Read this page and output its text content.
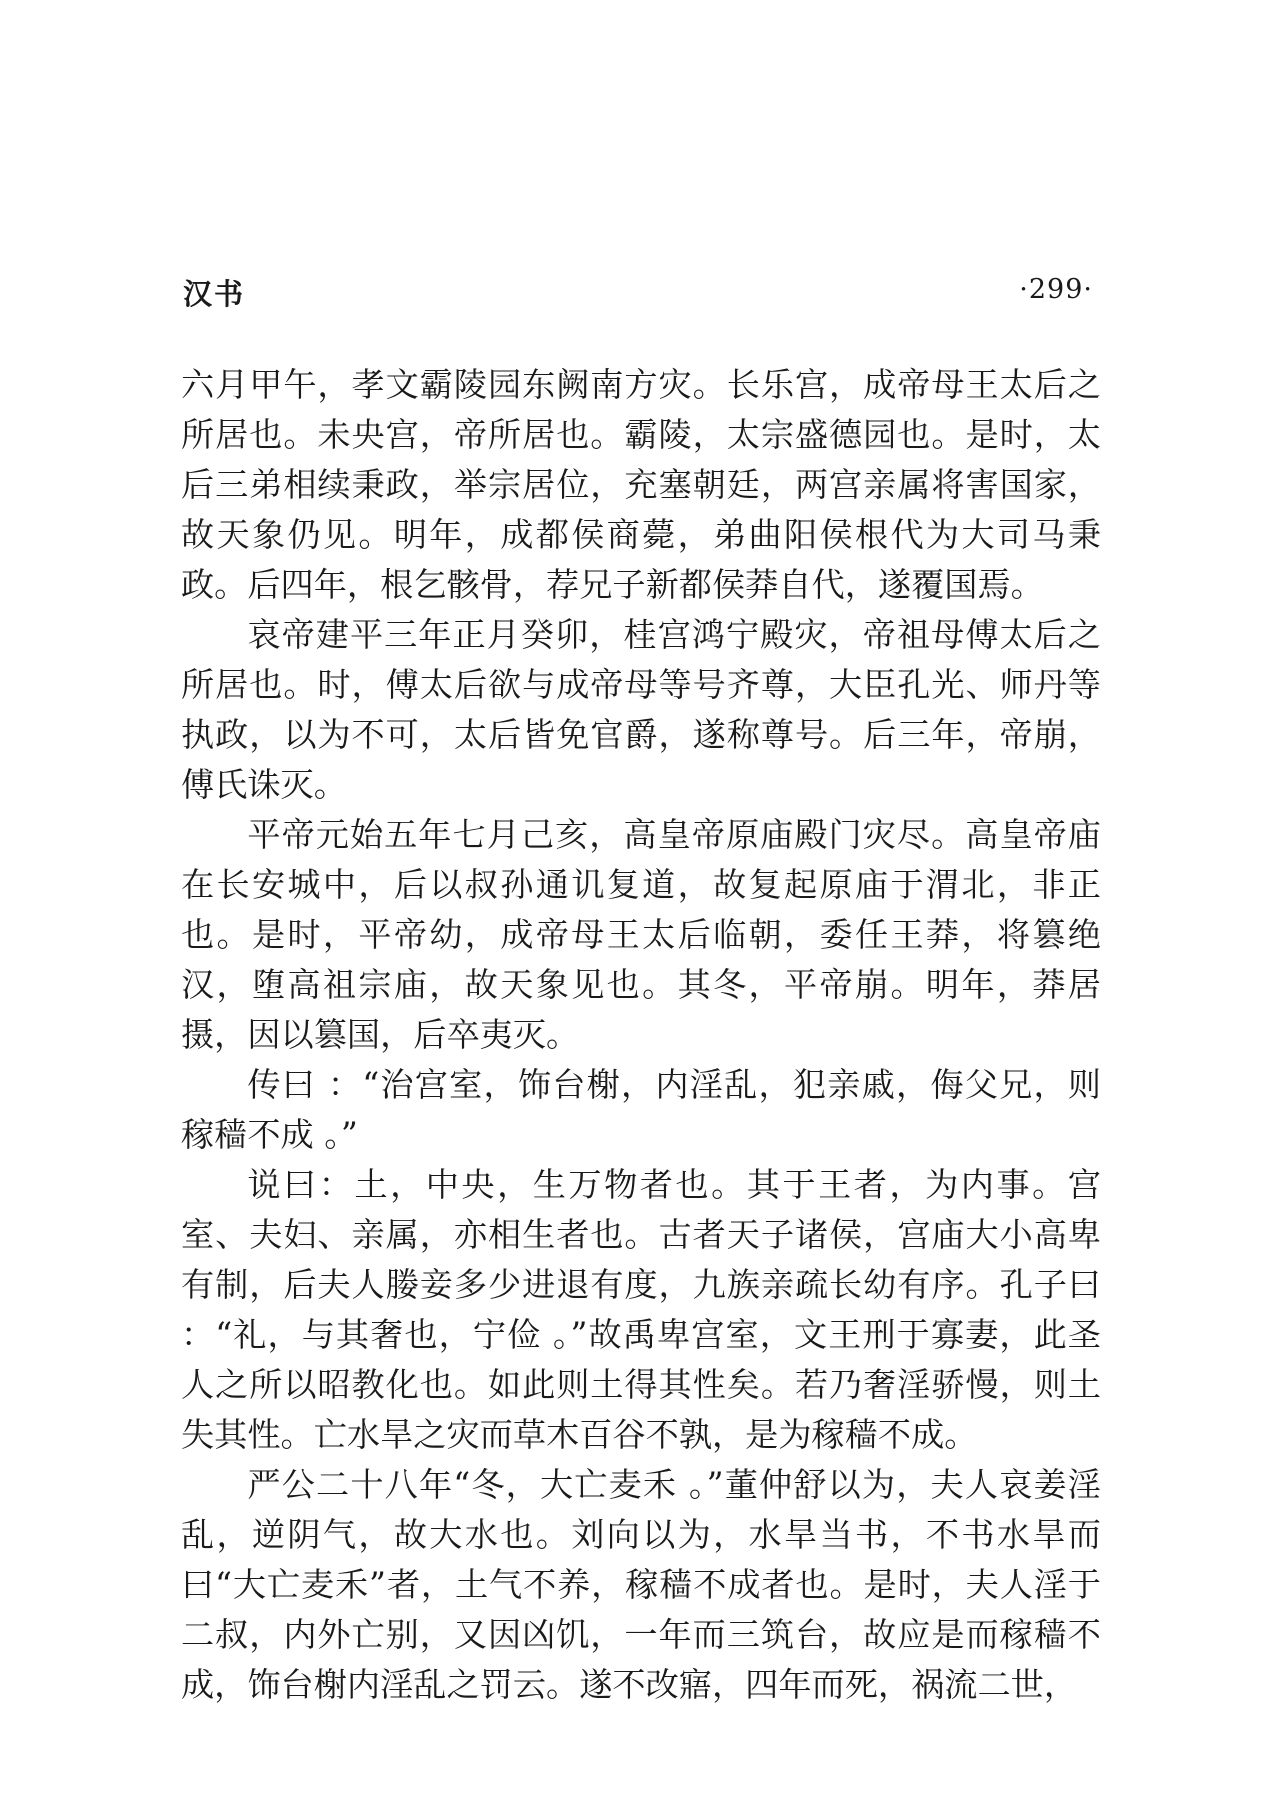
汉书	·299·

六月甲午，孝文霸陵园东阙南方灾。长乐宫，成帝母王太后之所居也。未央宫，帝所居也。霸陵，太宗盛德园也。是时，太后三弟相续秉政，举宗居位，充塞朝廷，两宫亲属将害国家，故天象仍见。明年，成都侯商薨，弟曲阳侯根代为大司马秉政。后四年，根乞骸骨，荐兄子新都侯莽自代，遂覆国焉。

哀帝建平三年正月癸卯，桂宫鸿宁殿灾，帝祖母傅太后之所居也。时，傅太后欲与成帝母等号齐尊，大臣孔光、师丹等执政，以为不可，太后皆免官爵，遂称尊号。后三年，帝崩，傅氏诛灭。

平帝元始五年七月己亥，高皇帝原庙殿门灾尽。高皇帝庙在长安城中，后以叔孙通讥复道，故复起原庙于渭北，非正也。是时，平帝幼，成帝母王太后临朝，委任王莽，将篡绝汉，堕高祖宗庙，故天象见也。其冬，平帝崩。明年，莽居摄，因以篡国，后卒夷灭。

传曰 ：“治宫室，饰台榭，内淫乱，犯亲戚，侮父兄，则稼穑不成 。”

说曰：土，中央，生万物者也。其于王者，为内事。宫室、夫妇、亲属，亦相生者也。古者天子诸侯，宫庙大小高卑有制，后夫人媵妾多少进退有度，九族亲疏长幼有序。孔子曰 ：“礼，与其奢也，宁俭 。”故禹卑宫室，文王刑于寡妻，此圣人之所以昭教化也。如此则土得其性矣。若乃奢淫骄慢，则土失其性。亡水旱之灾而草木百谷不孰，是为稼穑不成。

严公二十八年“冬，大亡麦禾 。”董仲舒以为，夫人哀姜淫乱，逆阴气，故大水也。刘向以为，水旱当书，不书水旱而曰“大亡麦禾”者，土气不养，稼穑不成者也。是时，夫人淫于二叔，内外亡别，又因凶饥，一年而三筑台，故应是而稼穑不成，饰台榭内淫乱之罚云。遂不改寤，四年而死，祸流二世，
